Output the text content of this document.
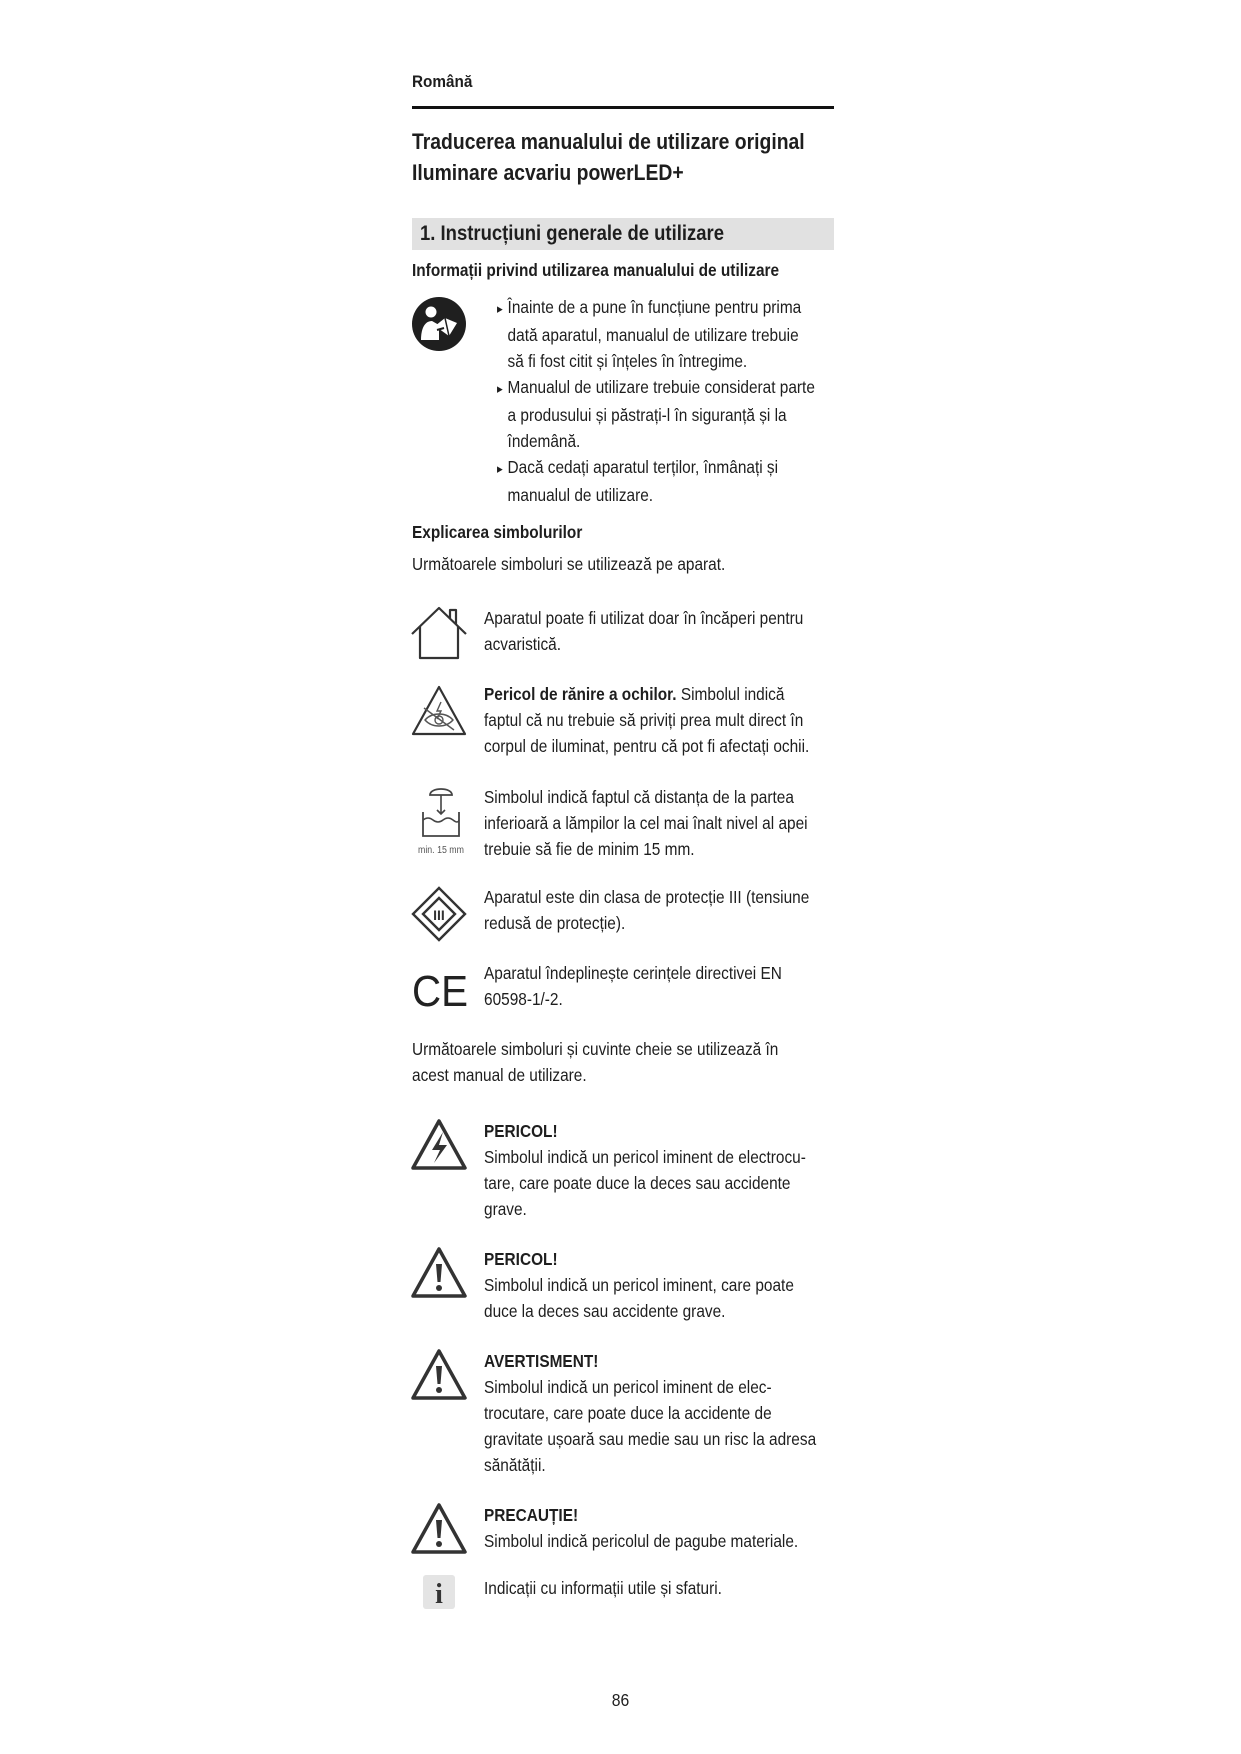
Română
Traducerea manualului de utilizare original
Iluminare acvariu powerLED+
1. Instrucțiuni generale de utilizare
Informații privind utilizarea manualului de utilizare
▸ Înainte de a pune în funcțiune pentru prima
dată aparatul, manualul de utilizare trebuie
să fi fost citit și înțeles în întregime.
▸ Manualul de utilizare trebuie considerat parte
a produsului și păstrați-l în siguranță și la
îndemână.
▸ Dacă cedați aparatul terților, înmânați și
manualul de utilizare.
Explicarea simbolurilor
Următoarele simboluri se utilizează pe aparat.
Aparatul poate fi utilizat doar în încăperi pentru
acvaristică.
Pericol de rănire a ochilor. Simbolul indică
faptul că nu trebuie să priviți prea mult direct în
corpul de iluminat, pentru că pot fi afectați ochii.
min. 15 mm
Simbolul indică faptul că distanța de la partea
inferioară a lămpilor la cel mai înalt nivel al apei
trebuie să fie de minim 15 mm.
III
Aparatul este din clasa de protecție III (tensiune
redusă de protecție).
CE Aparatul îndeplinește cerințele directivei EN
60598-1/-2.
Următoarele simboluri și cuvinte cheie se utilizează în
acest manual de utilizare.
PERICOL!
Simbolul indică un pericol iminent de electrocu-
tare, care poate duce la deces sau accidente
grave.
PERICOL!
Simbolul indică un pericol iminent, care poate
duce la deces sau accidente grave.
AVERTISMENT!
Simbolul indică un pericol iminent de elec-
trocutare, care poate duce la accidente de
gravitate ușoară sau medie sau un risc la adresa
sănătății.
PRECAUȚIE!
Simbolul indică pericolul de pagube materiale.
i Indicații cu informații utile și sfaturi.
86
